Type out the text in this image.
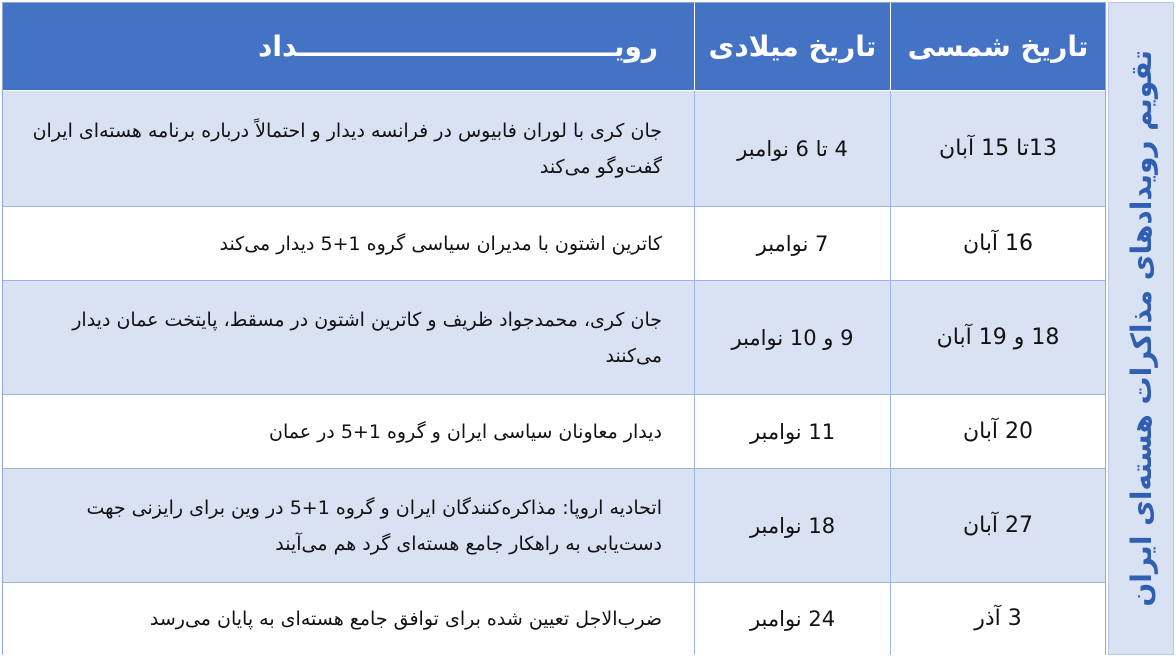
تاریخ شمسی
تاریخ میلادی
رویـــــــــــــــــــــــــــــــــداد
13تا 15 آبان
4 تا 6 نوامبر
جان کری با لوران فابیوس در فرانسه دیدار و احتمالاً درباره برنامه هسته‌ای ایران گفت‌وگو می‌کند
16 آبان
7 نوامبر
کاترین اشتون با مدیران سیاسی گروه 1+5 دیدار می‌کند
18 و 19 آبان
9 و 10 نوامبر
جان کری، محمدجواد ظریف و کاترین اشتون در مسقط، پایتخت عمان دیدار می‌کنند
20 آبان
11 نوامبر
دیدار معاونان سیاسی ایران و گروه 1+5 در عمان
27 آبان
18 نوامبر
اتحادیه اروپا: مذاکره‌کنندگان ایران و گروه 1+5 در وین برای رایزنی جهت دست‌یابی به راهکار جامع هسته‌ای گرد هم می‌آیند
3 آذر
24 نوامبر
ضرب‌الاجل تعیین شده برای توافق جامع هسته‌ای به پایان می‌رسد
تقویم رویدادهای مذاکرات هسته‌ای ایران
